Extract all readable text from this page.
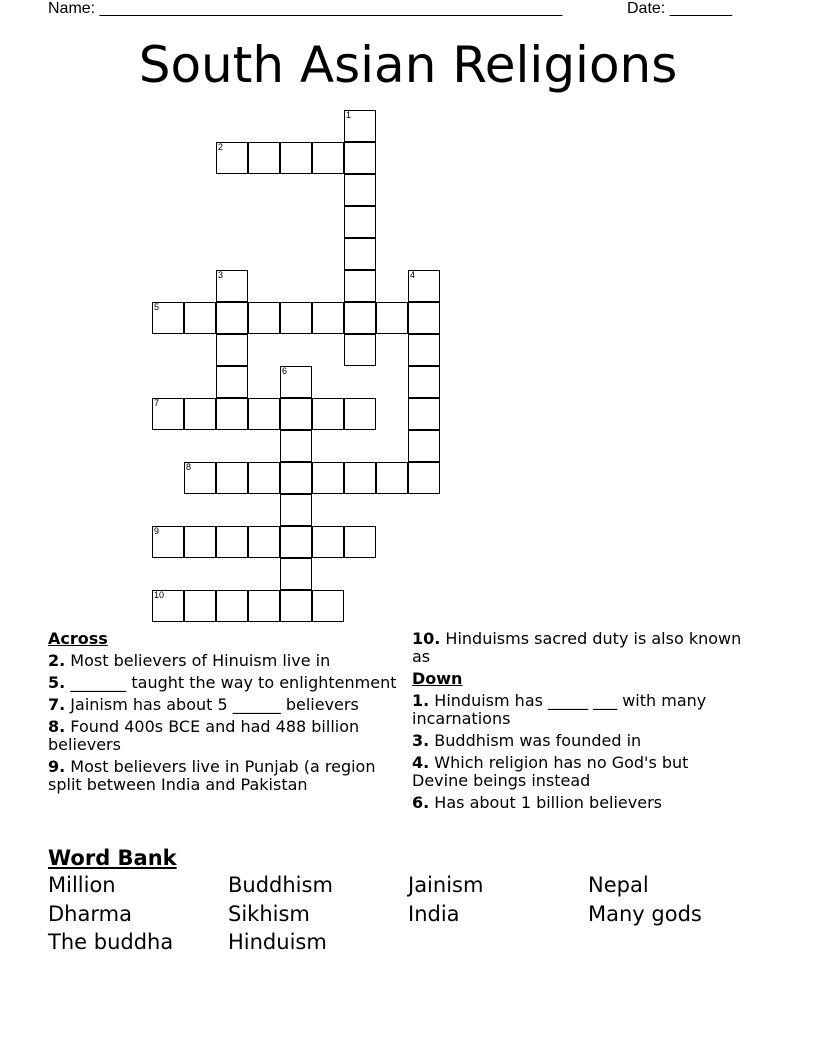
Name: ____________________________________________________	Date: _______
South Asian Religions
1
2
3	4
5
6
7
8
9
10
Across
2. Most believers of Hinuism live in
5. _______ taught the way to enlightenment
7. Jainism has about 5 ______ believers
8. Found 400s BCE and had 488 billion believers
9. Most believers live in Punjab (a region split between India and Pakistan
10. Hinduisms sacred duty is also known as
Down
1. Hinduism has _____ ___ with many incarnations
3. Buddhism was founded in
4. Which religion has no God's but Devine beings instead
6. Has about 1 billion believers
Word Bank
Million	Buddhism	Jainism	Nepal
Dharma	Sikhism	India	Many gods
The buddha	Hinduism
